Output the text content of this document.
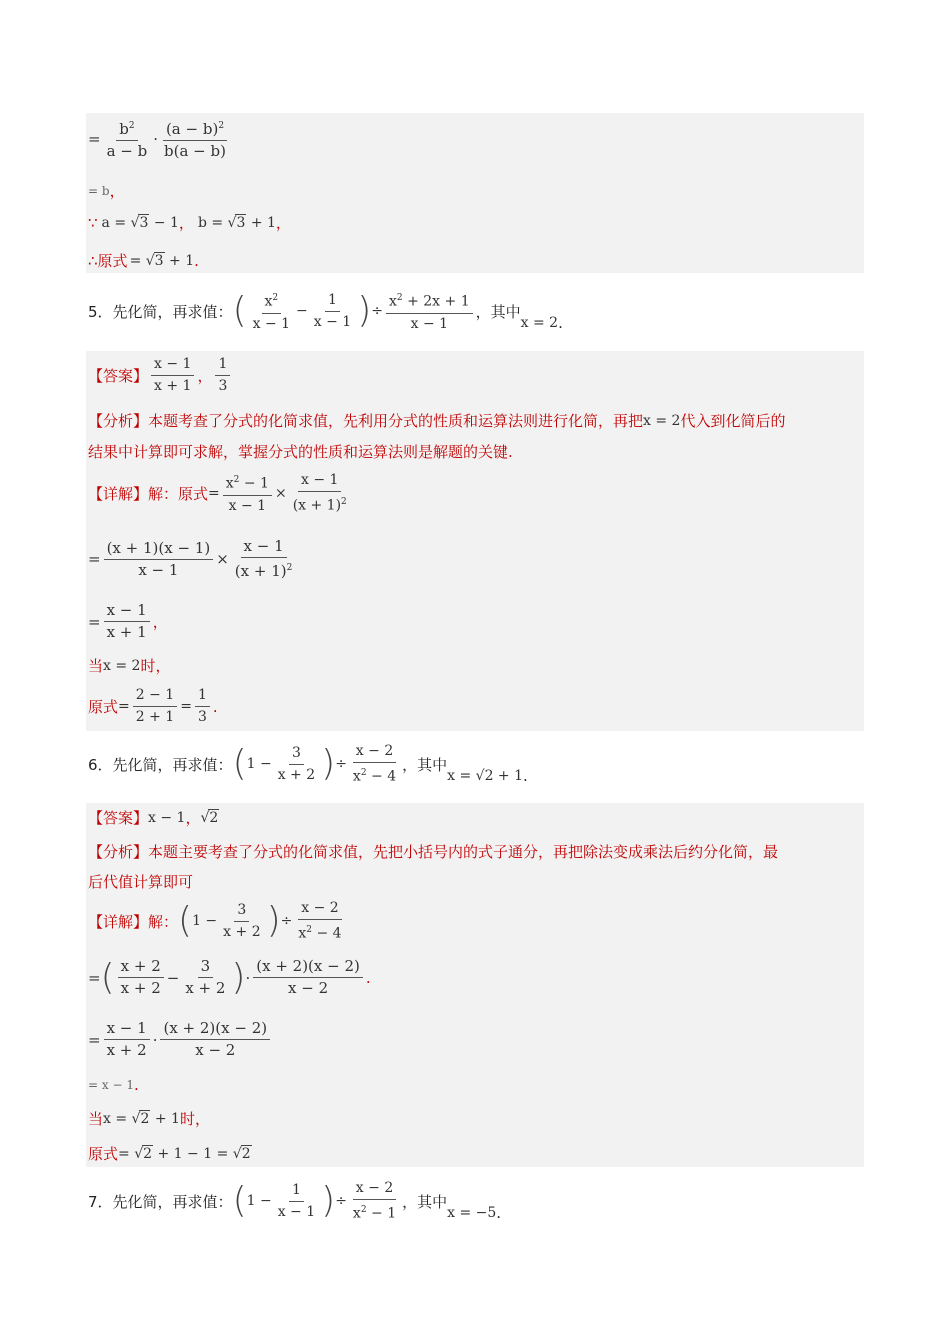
= $\frac{b^2}{a - b} \cdot \frac{(a - b)^2}{b(a - b)}$
= b ，
∵ a = √3 − 1 ， b = √3 + 1 ，
∴ 原式 = √3 + 1 .
5． 先化简，再求值： ( $\frac{x^2}{x - 1} - \frac{1}{x - 1}$ ) ÷ $\frac{x^2 + 2x + 1}{x - 1}$ ，其中
x = 2 .
【答案】 $\frac{x - 1}{x + 1}$ ， $\frac{1}{3}$
【分析】 本题考查了分式的化简求值，先利用分式的性质和运算法则进行化简，再把 x = 2 代入到化简后的
结果中计算即可求解，掌握分式的性质和运算法则是解题的关键.
【详解】 解：原式 = $\frac{x^2 - 1}{x - 1} \times \frac{x - 1}{(x + 1)^2}$
= $\frac{(x + 1)(x - 1)}{x - 1} \times \frac{x - 1}{(x + 1)^2}$
= $\frac{x - 1}{x + 1}$ ，
当 x = 2 时，
原式 = $\frac{2 - 1}{2 + 1} = \frac{1}{3}$ .
6． 先化简，再求值： ( $1 - \frac{3}{x + 2}$ ) ÷ $\frac{x - 2}{x^2 - 4}$ ，其中
x = √2 + 1 .
【答案】 x − 1 ， √2
【分析】 本题主要考查了分式的化简求值，先把小括号内的式子通分，再把除法变成乘法后约分化简，最
后代值计算即可
【详解】 解： ( $1 - \frac{3}{x + 2}$ ) ÷ $\frac{x - 2}{x^2 - 4}$
= ( $\frac{x + 2}{x + 2} - \frac{3}{x + 2}$ ) · $\frac{(x + 2)(x - 2)}{x - 2}$ .
= $\frac{x - 1}{x + 2} \cdot \frac{(x + 2)(x - 2)}{x - 2}$
= x − 1 .
当 x = √2 + 1 时，
原式 = √2 + 1 − 1 = √2
7． 先化简，再求值： ( $1 - \frac{1}{x - 1}$ ) ÷ $\frac{x - 2}{x^2 - 1}$ ，其中
x = −5 .
